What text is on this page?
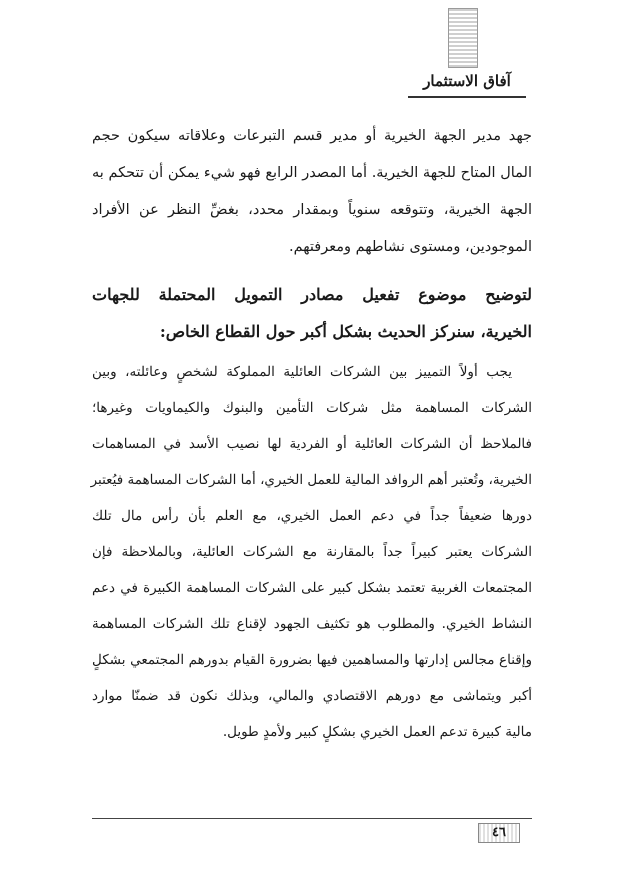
آفاق الاستثمار

جهد مدير الجهة الخيرية أو مدير قسم التبرعات وعلاقاته سيكون حجم

المال المتاح للجهة الخيرية. أما المصدر الرابع فهو شيء يمكن أن تتحكم به

الجهة الخيرية، وتتوقعه سنوياً وبمقدار محدد، بغضِّ النظر عن الأفراد

الموجودين، ومستوى نشاطهم ومعرفتهم.

لتوضيح موضوع تفعيل مصادر التمويل المحتملة للجهات

الخيرية، سنركز الحديث بشكل أكبر حول القطاع الخاص:

يجب أولاً التمييز بين الشركات العائلية المملوكة لشخصٍ وعائلته، وبين

الشركات المساهمة مثل شركات التأمين والبنوك والكيماويات وغيرها؛

فالملاحظ أن الشركات العائلية أو الفردية لها نصيب الأسد في المساهمات

الخيرية، وتُعتبر أهم الروافد المالية للعمل الخيري، أما الشركات المساهمة فيُعتبر

دورها ضعيفاً جداً في دعم العمل الخيري، مع العلم بأن رأس مال تلك

الشركات يعتبر كبيراً جداً بالمقارنة مع الشركات العائلية، وبالملاحظة فإن

المجتمعات الغربية تعتمد بشكل كبير على الشركات المساهمة الكبيرة في دعم

النشاط الخيري. والمطلوب هو تكثيف الجهود لإقناع تلك الشركات المساهمة

وإقناع مجالس إدارتها والمساهمين فيها بضرورة القيام بدورهم المجتمعي بشكلٍ

أكبر ويتماشى مع دورهم الاقتصادي والمالي، وبذلك نكون قد ضمنّا موارد

مالية كبيرة تدعم العمل الخيري بشكلٍ كبير ولأمدٍ طويل.

٤٦
